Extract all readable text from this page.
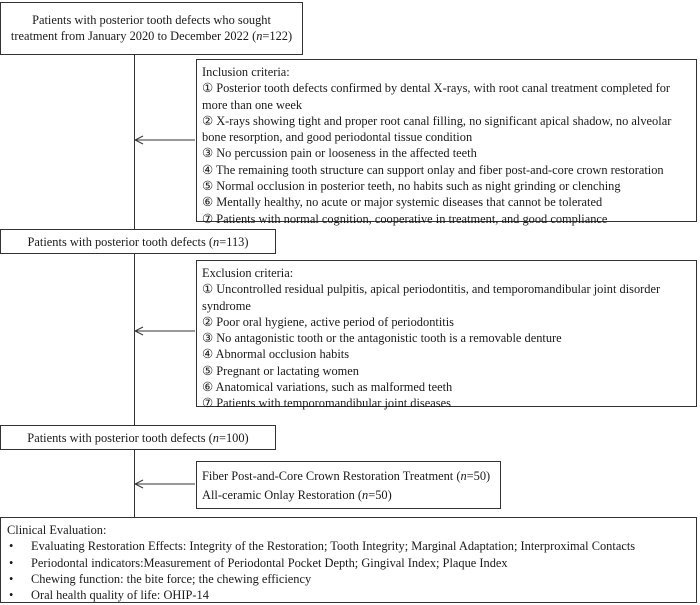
Patients with posterior tooth defects who sought
treatment from January 2020 to December 2022 (n=122)
Inclusion criteria:
① Posterior tooth defects confirmed by dental X-rays, with root canal treatment completed for more than one week
② X-rays showing tight and proper root canal filling, no significant apical shadow, no alveolar bone resorption, and good periodontal tissue condition
③ No percussion pain or looseness in the affected teeth
④ The remaining tooth structure can support onlay and fiber post-and-core crown restoration
⑤ Normal occlusion in posterior teeth, no habits such as night grinding or clenching
⑥ Mentally healthy, no acute or major systemic diseases that cannot be tolerated
⑦ Patients with normal cognition, cooperative in treatment, and good compliance
Patients with posterior tooth defects (n=113)
Exclusion criteria:
① Uncontrolled residual pulpitis, apical periodontitis, and temporomandibular joint disorder syndrome
② Poor oral hygiene, active period of periodontitis
③ No antagonistic tooth or the antagonistic tooth is a removable denture
④ Abnormal occlusion habits
⑤ Pregnant or lactating women
⑥ Anatomical variations, such as malformed teeth
⑦ Patients with temporomandibular joint diseases
Patients with posterior tooth defects (n=100)
Fiber Post-and-Core Crown Restoration Treatment (n=50)
All-ceramic Onlay Restoration (n=50)
Clinical Evaluation:
• Evaluating Restoration Effects: Integrity of the Restoration; Tooth Integrity; Marginal Adaptation; Interproximal Contacts
• Periodontal indicators:Measurement of Periodontal Pocket Depth; Gingival Index; Plaque Index
• Chewing function: the bite force; the chewing efficiency
• Oral health quality of life: OHIP-14
